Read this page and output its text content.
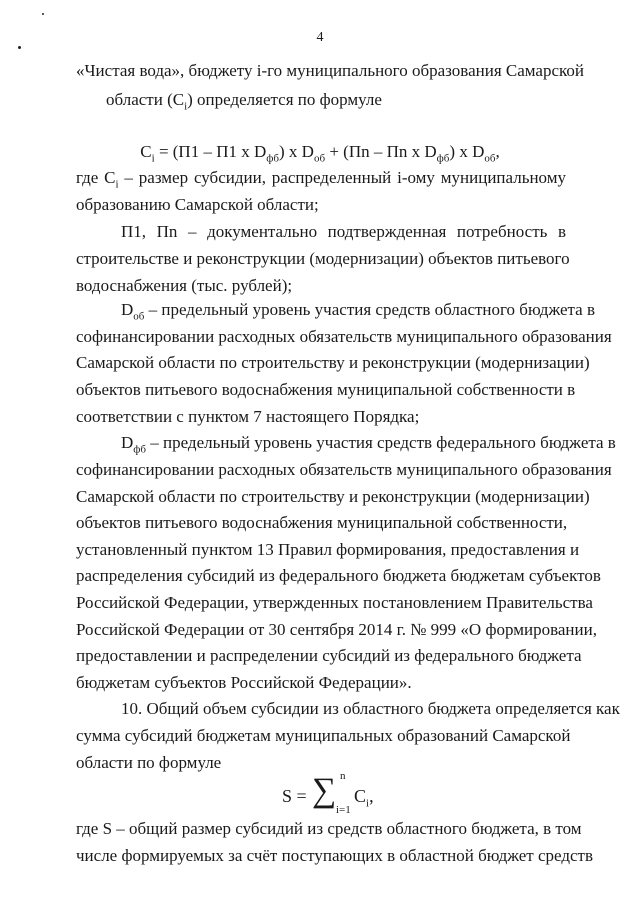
4
«Чистая вода», бюджету i-го муниципального образования Самарской
области $(C_i)$ определяется по формуле
$C_i = (П1 - П1$ x $D_{фб}$) x $D_{об} + (Пn$ – Пn x $D_{фб}$) x $D_{об}$,
где $C_i$ – размер субсидии, распределенный i-ому муниципальному
образованию Самарской области;
П1, Пn – документально подтвержденная потребность в
строительстве и реконструкции (модернизации) объектов питьевого
водоснабжения (тыс. рублей);
$D_{об}$ – предельный уровень участия средств областного бюджета в
софинансировании расходных обязательств муниципального образования
Самарской области по строительству и реконструкции (модернизации)
объектов питьевого водоснабжения муниципальной собственности в
соответствии с пунктом 7 настоящего Порядка;
$D_{фб}$ – предельный уровень участия средств федерального бюджета в
софинансировании расходных обязательств муниципального образования
Самарской области по строительству и реконструкции (модернизации)
объектов питьевого водоснабжения муниципальной собственности,
установленный пунктом 13 Правил формирования, предоставления и
распределения субсидий из федерального бюджета бюджетам субъектов
Российской Федерации, утвержденных постановлением Правительства
Российской Федерации от 30 сентября 2014 г. № 999 «О формировании,
предоставлении и распределении субсидий из федерального бюджета
бюджетам субъектов Российской Федерации».
10. Общий объем субсидии из областного бюджета определяется как
сумма субсидий бюджетам муниципальных образований Самарской
области по формуле
S = ∑ n
i=1
$C_i$,
где S – общий размер субсидий из средств областного бюджета, в том
числе формируемых за счёт поступающих в областной бюджет средств
